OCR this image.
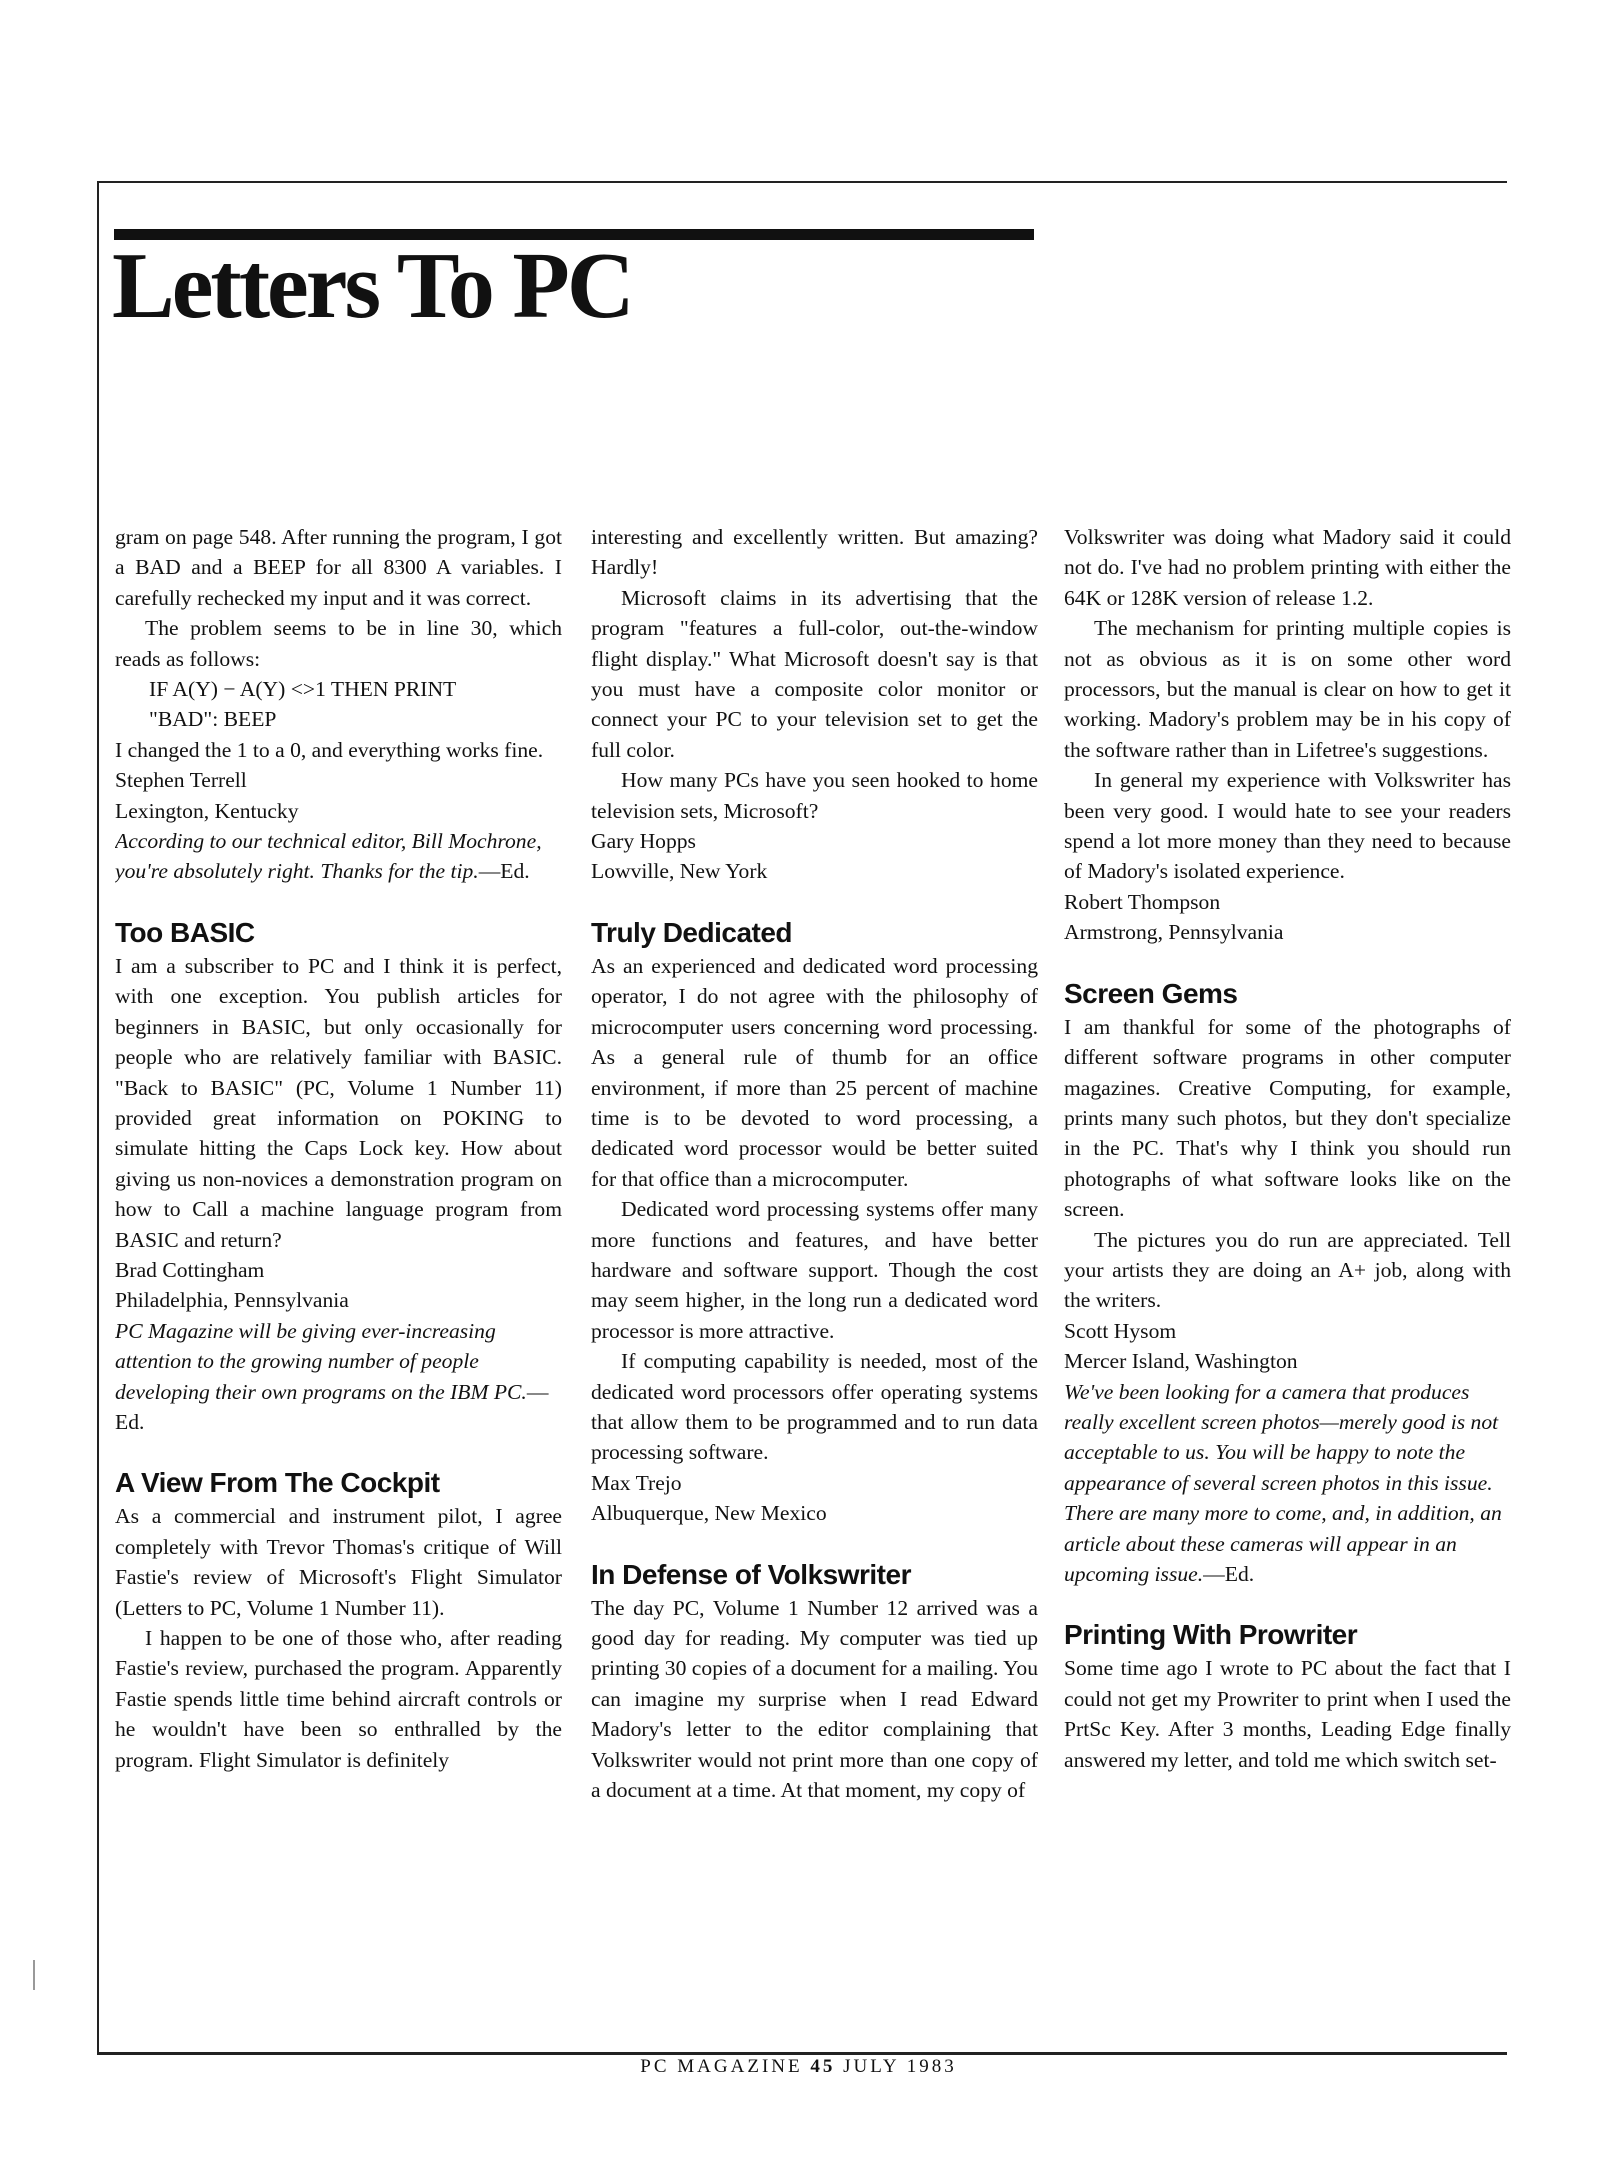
Letters To PC

gram on page 548. After running the program, I got a BAD and a BEEP for all 8300 A variables. I carefully rechecked my input and it was correct.

The problem seems to be in line 30, which reads as follows:

IF A(Y) − A(Y) <>1 THEN PRINT

"BAD": BEEP

I changed the 1 to a 0, and everything works fine.

Stephen Terrell

Lexington, Kentucky

According to our technical editor, Bill Mochrone, you're absolutely right. Thanks for the tip.—Ed.

Too BASIC

I am a subscriber to PC and I think it is perfect, with one exception. You publish articles for beginners in BASIC, but only occasionally for people who are relatively familiar with BASIC. "Back to BASIC" (PC, Volume 1 Number 11) provided great information on POKING to simulate hitting the Caps Lock key. How about giving us non-novices a demonstration program on how to Call a machine language program from BASIC and return?

Brad Cottingham

Philadelphia, Pennsylvania

PC Magazine will be giving ever-increasing attention to the growing number of people developing their own programs on the IBM PC.—Ed.

A View From The Cockpit

As a commercial and instrument pilot, I agree completely with Trevor Thomas's critique of Will Fastie's review of Microsoft's Flight Simulator (Letters to PC, Volume 1 Number 11).

I happen to be one of those who, after reading Fastie's review, purchased the program. Apparently Fastie spends little time behind aircraft controls or he wouldn't have been so enthralled by the program. Flight Simulator is definitely

interesting and excellently written. But amazing? Hardly!

Microsoft claims in its advertising that the program "features a full-color, out-the-window flight display." What Microsoft doesn't say is that you must have a composite color monitor or connect your PC to your television set to get the full color.

How many PCs have you seen hooked to home television sets, Microsoft?

Gary Hopps

Lowville, New York

Truly Dedicated

As an experienced and dedicated word processing operator, I do not agree with the philosophy of microcomputer users concerning word processing. As a general rule of thumb for an office environment, if more than 25 percent of machine time is to be devoted to word processing, a dedicated word processor would be better suited for that office than a microcomputer.

Dedicated word processing systems offer many more functions and features, and have better hardware and software support. Though the cost may seem higher, in the long run a dedicated word processor is more attractive.

If computing capability is needed, most of the dedicated word processors offer operating systems that allow them to be programmed and to run data processing software.

Max Trejo

Albuquerque, New Mexico

In Defense of Volkswriter

The day PC, Volume 1 Number 12 arrived was a good day for reading. My computer was tied up printing 30 copies of a document for a mailing. You can imagine my surprise when I read Edward Madory's letter to the editor complaining that Volkswriter would not print more than one copy of a document at a time. At that moment, my copy of

Volkswriter was doing what Madory said it could not do. I've had no problem printing with either the 64K or 128K version of release 1.2.

The mechanism for printing multiple copies is not as obvious as it is on some other word processors, but the manual is clear on how to get it working. Madory's problem may be in his copy of the software rather than in Lifetree's suggestions.

In general my experience with Volkswriter has been very good. I would hate to see your readers spend a lot more money than they need to because of Madory's isolated experience.

Robert Thompson

Armstrong, Pennsylvania

Screen Gems

I am thankful for some of the photographs of different software programs in other computer magazines. Creative Computing, for example, prints many such photos, but they don't specialize in the PC. That's why I think you should run photographs of what software looks like on the screen.

The pictures you do run are appreciated. Tell your artists they are doing an A+ job, along with the writers.

Scott Hysom

Mercer Island, Washington

We've been looking for a camera that produces really excellent screen photos—merely good is not acceptable to us. You will be happy to note the appearance of several screen photos in this issue. There are many more to come, and, in addition, an article about these cameras will appear in an upcoming issue.—Ed.

Printing With Prowriter

Some time ago I wrote to PC about the fact that I could not get my Prowriter to print when I used the PrtSc Key. After 3 months, Leading Edge finally answered my letter, and told me which switch set-

PC MAGAZINE 45 JULY 1983
